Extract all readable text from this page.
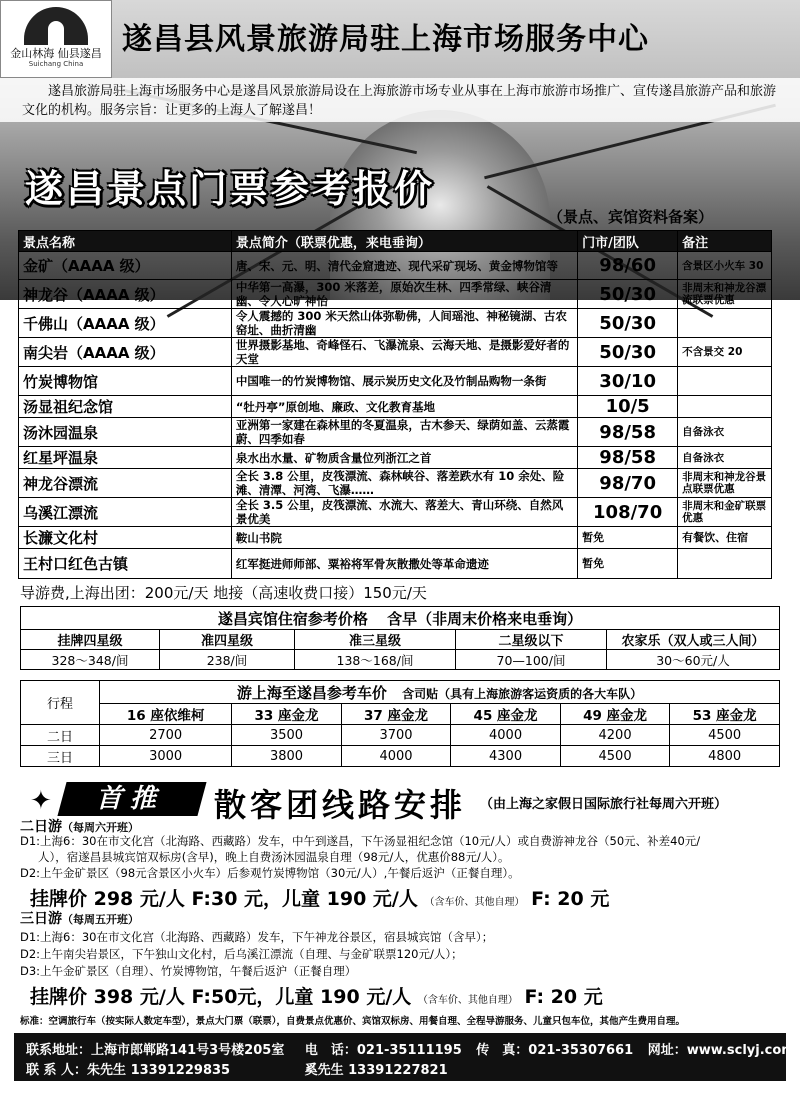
金山林海 仙县遂昌
Suichang China
遂昌县风景旅游局驻上海市场服务中心
遂昌旅游局驻上海市场服务中心是遂昌风景旅游局设在上海旅游市场专业从事在上海市旅游市场推广、宣传遂昌旅游产品和旅游文化的机构。服务宗旨：让更多的上海人了解遂昌！
遂昌景点门票参考报价
（景点、宾馆资料备案）
景点名称	景点简介（联票优惠，来电垂询）	门市/团队	备注
金矿（AAAA 级）	唐、宋、元、明、清代金窟遗迹、现代采矿现场、黄金博物馆等	98/60	含景区小火车 30
神龙谷（AAAA 级）	中华第一高瀑，300 米落差，原始次生林、四季常绿、峡谷清幽、令人心旷神怡	50/30	非周末和神龙谷漂流联票优惠
千佛山（AAAA 级）	令人震撼的 300 米天然山体弥勒佛，人间瑶池、神秘镜湖、古农窑址、曲折清幽	50/30	
南尖岩（AAAA 级）	世界摄影基地、奇峰怪石、飞瀑流泉、云海天地、是摄影爱好者的天堂	50/30	不含景交 20
竹炭博物馆	中国唯一的竹炭博物馆、展示炭历史文化及竹制品购物一条街	30/10	
汤显祖纪念馆	“牡丹亭”原创地、廉政、文化教育基地	10/5	
汤沐园温泉	亚洲第一家建在森林里的冬夏温泉，古木参天、绿荫如盖、云蒸霞蔚、四季如春	98/58	自备泳衣
红星坪温泉	泉水出水量、矿物质含量位列浙江之首	98/58	自备泳衣
神龙谷漂流	全长 3.8 公里，皮筏漂流、森林峡谷、落差跌水有 10 余处、险滩、清潭、河湾、飞瀑……	98/70	非周末和神龙谷景点联票优惠
乌溪江漂流	全长 3.5 公里，皮筏漂流、水流大、落差大、青山环绕、自然风景优美	108/70	非周末和金矿联票优惠
长濂文化村	鞍山书院	暂免	有餐饮、住宿
王村口红色古镇	红军挺进师师部、粟裕将军骨灰散撒处等革命遗迹	暂免	
导游费,上海出团：200元/天 地接（高速收费口接）150元/天
遂昌宾馆住宿参考价格 含早（非周末价格来电垂询）				
挂牌四星级	准四星级	准三星级	二星级以下	农家乐（双人或三人间）
328～348/间	238/间	138～168/间	70—100/间	30～60元/人
行程	游上海至遂昌参考车价 含司贴（具有上海旅游客运资质的各大车队）					
	16 座依维柯	33 座金龙	37 座金龙	45 座金龙	49 座金龙	53 座金龙
二日	2700	3500	3700	4000	4200	4500
三日	3000	3800	4000	4300	4500	4800
✦	首推	散客团线路安排 （由上海之家假日国际旅行社每周六开班）
二日游（每周六开班）
D1:上海6：30在市文化宫（北海路、西藏路）发车，中午到遂昌，下午汤显祖纪念馆（10元/人）或自费游神龙谷（50元、补差40元/
人），宿遂昌县城宾馆双标房(含早)，晚上自费汤沐园温泉自理（98元/人，优惠价88元/人）。
D2:上午金矿景区（98元含景区小火车）后参观竹炭博物馆（30元/人）,午餐后返沪（正餐自理）。
挂牌价 298 元/人 F:30 元，儿童 190 元/人 （含车价、其他自理） F: 20 元
三日游（每周五开班）
D1:上海6：30在市文化宫（北海路、西藏路）发车，下午神龙谷景区，宿县城宾馆（含早）；
D2:上午南尖岩景区，下午独山文化村，后乌溪江漂流（自理、与金矿联票120元/人）；
D3:上午金矿景区（自理）、竹炭博物馆，午餐后返沪（正餐自理）
挂牌价 398 元/人 F:50元，儿童 190 元/人 （含车价、其他自理） F: 20 元
标准：空调旅行车（按实际人数定车型），景点大门票（联票），自费景点优惠价、宾馆双标房、用餐自理、全程导游服务、儿童只包车位，其他产生费用自理。
联系地址：上海市郎郸路141号3号楼205室 电　话：021-35111195 传　真：021-35307661 网址：www.sclyj.com
联 系 人：朱先生 13391229835	奚先生 13391227821
